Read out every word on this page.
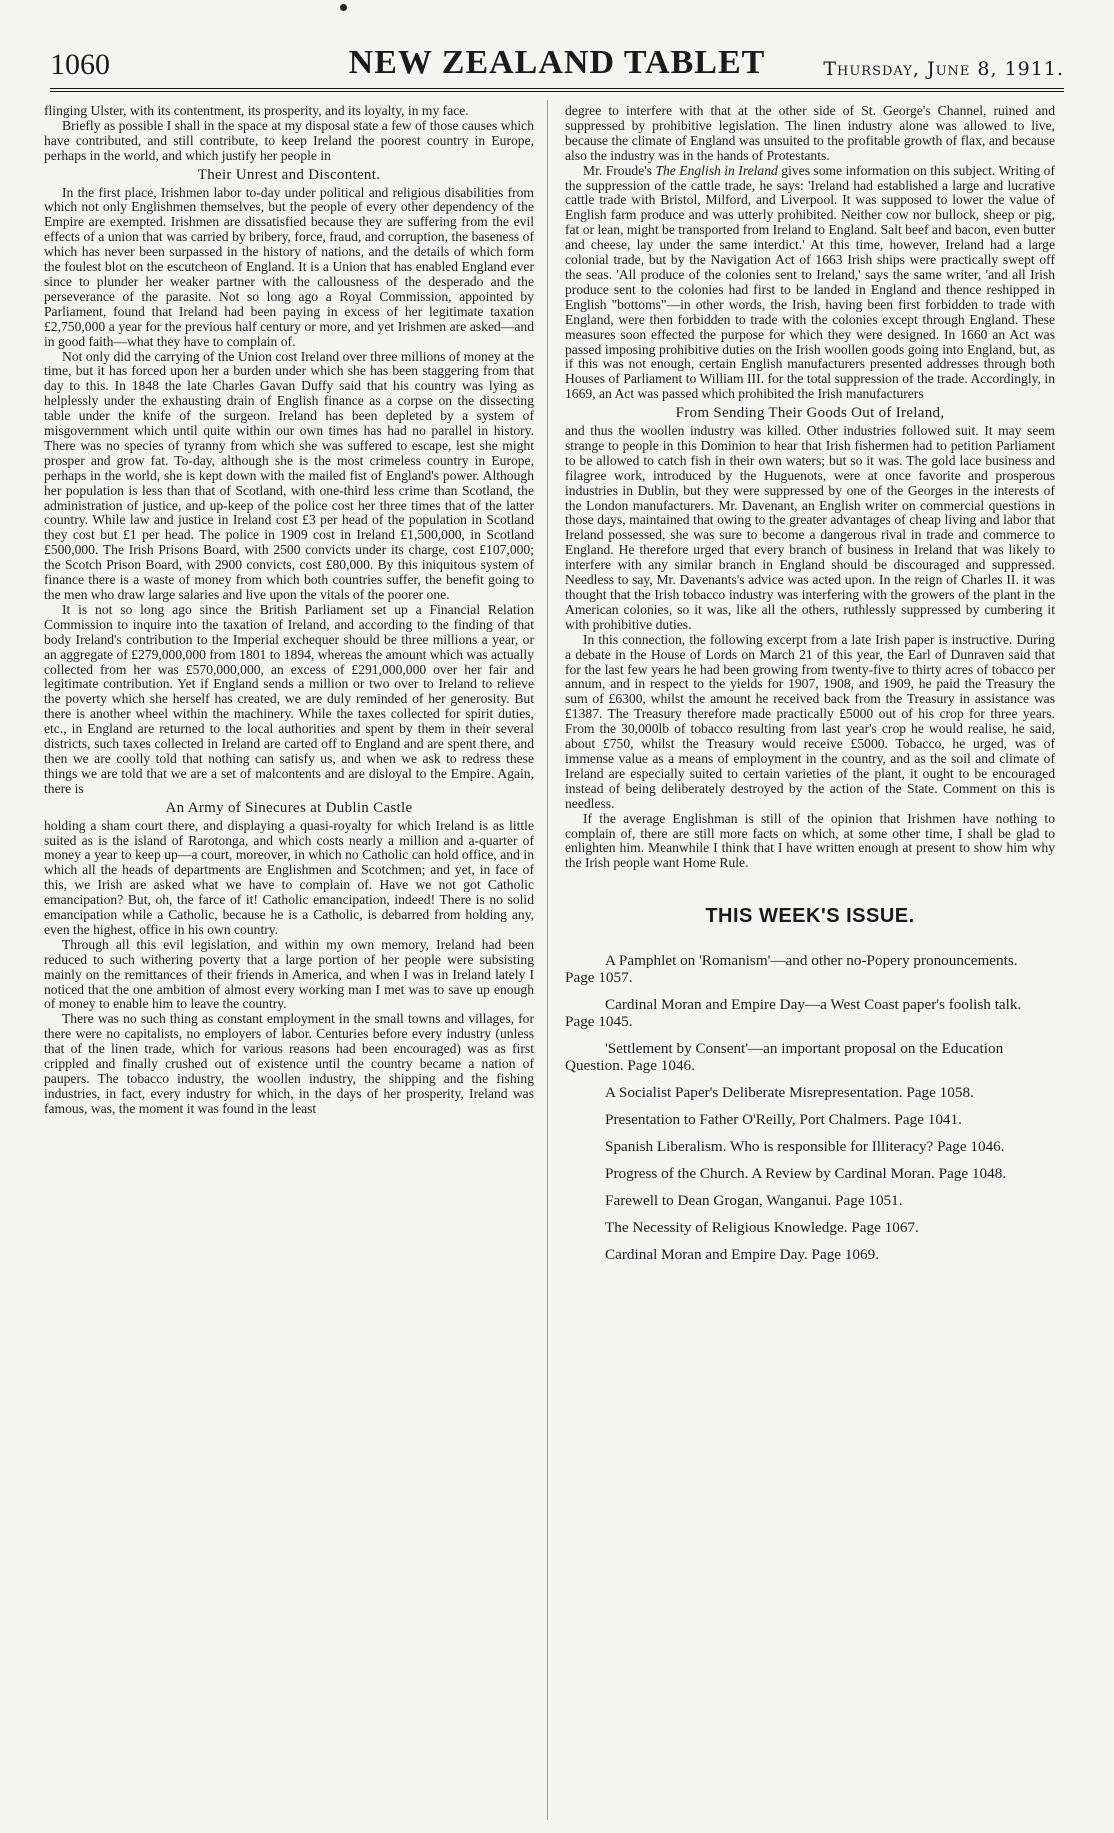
1060	NEW ZEALAND TABLET	Thursday, June 8, 1911.

flinging Ulster, with its contentment, its prosperity, and its loyalty, in my face.

Briefly as possible I shall in the space at my disposal state a few of those causes which have contributed, and still contribute, to keep Ireland the poorest country in Europe, perhaps in the world, and which justify her people in

Their Unrest and Discontent.

In the first place, Irishmen labor to-day under political and religious disabilities from which not only Englishmen themselves, but the people of every other dependency of the Empire are exempted. Irishmen are dissatisfied because they are suffering from the evil effects of a union that was carried by bribery, force, fraud, and corruption, the baseness of which has never been surpassed in the history of nations, and the details of which form the foulest blot on the escutcheon of England. It is a Union that has enabled England ever since to plunder her weaker partner with the callousness of the desperado and the perseverance of the parasite. Not so long ago a Royal Commission, appointed by Parliament, found that Ireland had been paying in excess of her legitimate taxation £2,750,000 a year for the previous half century or more, and yet Irishmen are asked—and in good faith—what they have to complain of.

Not only did the carrying of the Union cost Ireland over three millions of money at the time, but it has forced upon her a burden under which she has been staggering from that day to this. In 1848 the late Charles Gavan Duffy said that his country was lying as helplessly under the exhausting drain of English finance as a corpse on the dissecting table under the knife of the surgeon. Ireland has been depleted by a system of misgovernment which until quite within our own times has had no parallel in history. There was no species of tyranny from which she was suffered to escape, lest she might prosper and grow fat. To-day, although she is the most crimeless country in Europe, perhaps in the world, she is kept down with the mailed fist of England's power. Although her population is less than that of Scotland, with one-third less crime than Scotland, the administration of justice, and up-keep of the police cost her three times that of the latter country. While law and justice in Ireland cost £3 per head of the population in Scotland they cost but £1 per head. The police in 1909 cost in Ireland £1,500,000, in Scotland £500,000. The Irish Prisons Board, with 2500 convicts under its charge, cost £107,000; the Scotch Prison Board, with 2900 convicts, cost £80,000. By this iniquitous system of finance there is a waste of money from which both countries suffer, the benefit going to the men who draw large salaries and live upon the vitals of the poorer one.

It is not so long ago since the British Parliament set up a Financial Relation Commission to inquire into the taxation of Ireland, and according to the finding of that body Ireland's contribution to the Imperial exchequer should be three millions a year, or an aggregate of £279,000,000 from 1801 to 1894, whereas the amount which was actually collected from her was £570,000,000, an excess of £291,000,000 over her fair and legitimate contribution. Yet if England sends a million or two over to Ireland to relieve the poverty which she herself has created, we are duly reminded of her generosity. But there is another wheel within the machinery. While the taxes collected for spirit duties, etc., in England are returned to the local authorities and spent by them in their several districts, such taxes collected in Ireland are carted off to England and are spent there, and then we are coolly told that nothing can satisfy us, and when we ask to redress these things we are told that we are a set of malcontents and are disloyal to the Empire. Again, there is

An Army of Sinecures at Dublin Castle

holding a sham court there, and displaying a quasi-royalty for which Ireland is as little suited as is the island of Rarotonga, and which costs nearly a million and a-quarter of money a year to keep up—a court, moreover, in which no Catholic can hold office, and in which all the heads of departments are Englishmen and Scotchmen; and yet, in face of this, we Irish are asked what we have to complain of. Have we not got Catholic emancipation? But, oh, the farce of it! Catholic emancipation, indeed! There is no solid emancipation while a Catholic, because he is a Catholic, is debarred from holding any, even the highest, office in his own country.

Through all this evil legislation, and within my own memory, Ireland had been reduced to such withering poverty that a large portion of her people were subsisting mainly on the remittances of their friends in America, and when I was in Ireland lately I noticed that the one ambition of almost every working man I met was to save up enough of money to enable him to leave the country.

There was no such thing as constant employment in the small towns and villages, for there were no capitalists, no employers of labor. Centuries before every industry (unless that of the linen trade, which for various reasons had been encouraged) was as first crippled and finally crushed out of existence until the country became a nation of paupers. The tobacco industry, the woollen industry, the shipping and the fishing industries, in fact, every industry for which, in the days of her prosperity, Ireland was famous, was, the moment it was found in the least

degree to interfere with that at the other side of St. George's Channel, ruined and suppressed by prohibitive legislation. The linen industry alone was allowed to live, because the climate of England was unsuited to the profitable growth of flax, and because also the industry was in the hands of Protestants.

Mr. Froude's The English in Ireland gives some information on this subject. Writing of the suppression of the cattle trade, he says: 'Ireland had established a large and lucrative cattle trade with Bristol, Milford, and Liverpool. It was supposed to lower the value of English farm produce and was utterly prohibited. Neither cow nor bullock, sheep or pig, fat or lean, might be transported from Ireland to England. Salt beef and bacon, even butter and cheese, lay under the same interdict.' At this time, however, Ireland had a large colonial trade, but by the Navigation Act of 1663 Irish ships were practically swept off the seas. 'All produce of the colonies sent to Ireland,' says the same writer, 'and all Irish produce sent to the colonies had first to be landed in England and thence reshipped in English "bottoms"—in other words, the Irish, having been first forbidden to trade with England, were then forbidden to trade with the colonies except through England. These measures soon effected the purpose for which they were designed. In 1660 an Act was passed imposing prohibitive duties on the Irish woollen goods going into England, but, as if this was not enough, certain English manufacturers presented addresses through both Houses of Parliament to William III. for the total suppression of the trade. Accordingly, in 1669, an Act was passed which prohibited the Irish manufacturers

From Sending Their Goods Out of Ireland,

and thus the woollen industry was killed. Other industries followed suit. It may seem strange to people in this Dominion to hear that Irish fishermen had to petition Parliament to be allowed to catch fish in their own waters; but so it was. The gold lace business and filagree work, introduced by the Huguenots, were at once favorite and prosperous industries in Dublin, but they were suppressed by one of the Georges in the interests of the London manufacturers. Mr. Davenant, an English writer on commercial questions in those days, maintained that owing to the greater advantages of cheap living and labor that Ireland possessed, she was sure to become a dangerous rival in trade and commerce to England. He therefore urged that every branch of business in Ireland that was likely to interfere with any similar branch in England should be discouraged and suppressed. Needless to say, Mr. Davenants's advice was acted upon. In the reign of Charles II. it was thought that the Irish tobacco industry was interfering with the growers of the plant in the American colonies, so it was, like all the others, ruthlessly suppressed by cumbering it with prohibitive duties.

In this connection, the following excerpt from a late Irish paper is instructive. During a debate in the House of Lords on March 21 of this year, the Earl of Dunraven said that for the last few years he had been growing from twenty-five to thirty acres of tobacco per annum, and in respect to the yields for 1907, 1908, and 1909, he paid the Treasury the sum of £6300, whilst the amount he received back from the Treasury in assistance was £1387. The Treasury therefore made practically £5000 out of his crop for three years. From the 30,000lb of tobacco resulting from last year's crop he would realise, he said, about £750, whilst the Treasury would receive £5000. Tobacco, he urged, was of immense value as a means of employment in the country, and as the soil and climate of Ireland are especially suited to certain varieties of the plant, it ought to be encouraged instead of being deliberately destroyed by the action of the State. Comment on this is needless.

If the average Englishman is still of the opinion that Irishmen have nothing to complain of, there are still more facts on which, at some other time, I shall be glad to enlighten him. Meanwhile I think that I have written enough at present to show him why the Irish people want Home Rule.

THIS WEEK'S ISSUE.

A Pamphlet on 'Romanism'—and other no-Popery pronouncements. Page 1057.

Cardinal Moran and Empire Day—a West Coast paper's foolish talk. Page 1045.

'Settlement by Consent'—an important proposal on the Education Question. Page 1046.

A Socialist Paper's Deliberate Misrepresentation. Page 1058.

Presentation to Father O'Reilly, Port Chalmers. Page 1041.

Spanish Liberalism. Who is responsible for Illiteracy? Page 1046.

Progress of the Church. A Review by Cardinal Moran. Page 1048.

Farewell to Dean Grogan, Wanganui. Page 1051.

The Necessity of Religious Knowledge. Page 1067.

Cardinal Moran and Empire Day. Page 1069.
